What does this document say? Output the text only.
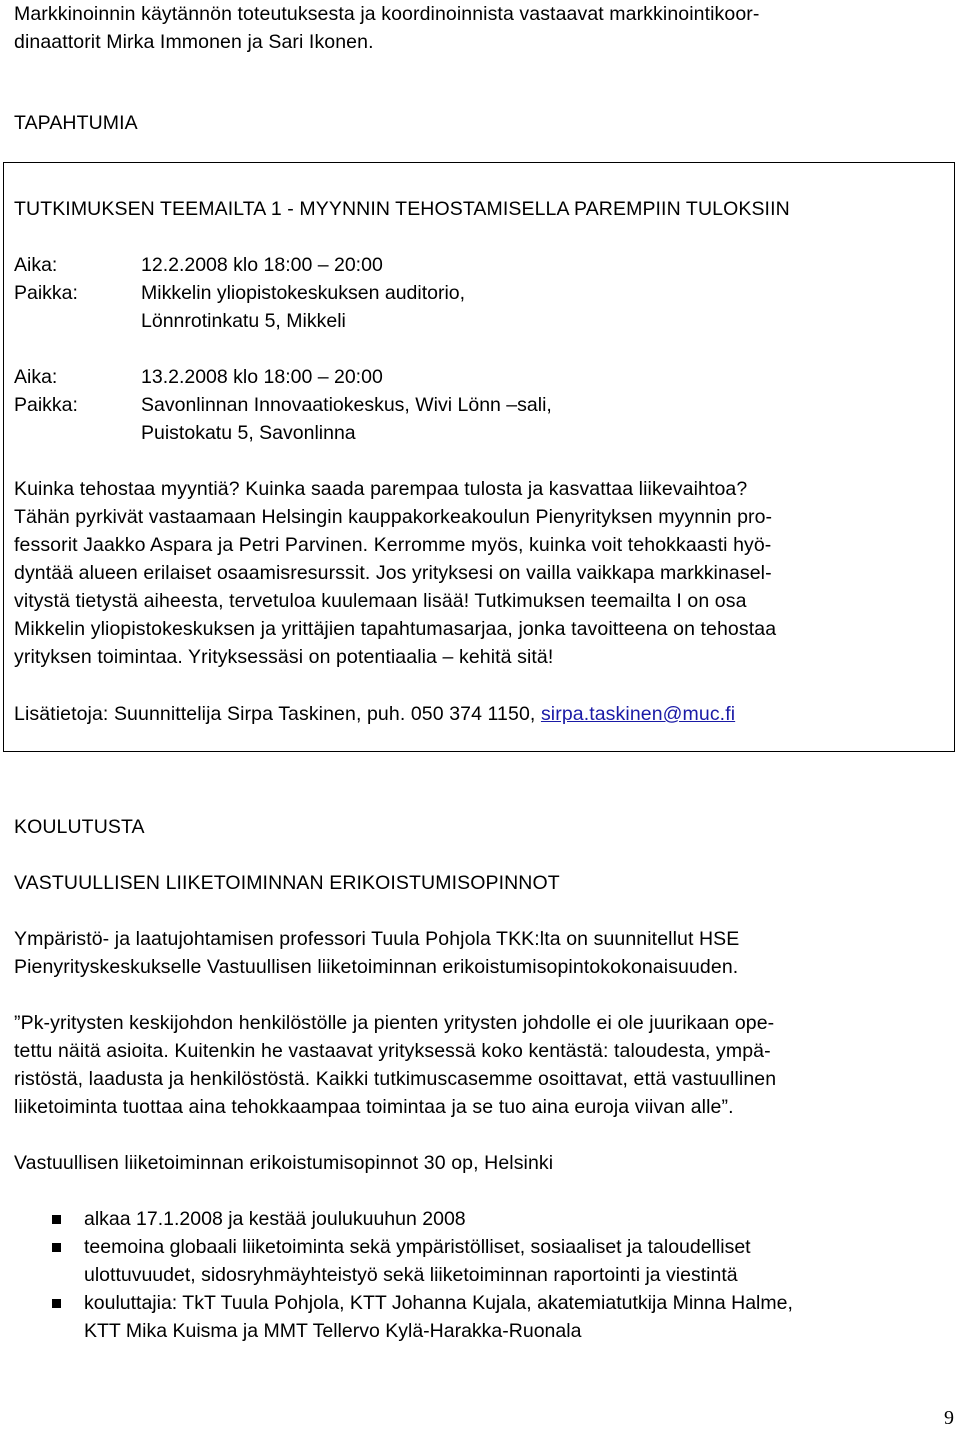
Markkinoinnin käytännön toteutuksesta ja koordinoinnista vastaavat markkinointikoor-
dinaattorit Mirka Immonen ja Sari Ikonen.
TAPAHTUMIA
TUTKIMUKSEN TEEMAILTA 1 - MYYNNIN TEHOSTAMISELLA PAREMPIIN TULOKSIIN
Aika:	12.2.2008 klo 18:00 – 20:00
Paikka:	Mikkelin yliopistokeskuksen auditorio,
Lönnrotinkatu 5, Mikkeli
Aika:	13.2.2008 klo 18:00 – 20:00
Paikka:	Savonlinnan Innovaatiokeskus, Wivi Lönn –sali,
Puistokatu 5, Savonlinna
Kuinka tehostaa myyntiä? Kuinka saada parempaa tulosta ja kasvattaa liikevaihtoa?
Tähän pyrkivät vastaamaan Helsingin kauppakorkeakoulun Pienyrityksen myynnin pro-
fessorit Jaakko Aspara ja Petri Parvinen. Kerromme myös, kuinka voit tehokkaasti hyö-
dyntää alueen erilaiset osaamisresurssit. Jos yrityksesi on vailla vaikkapa markkinasel-
vitystä tietystä aiheesta, tervetuloa kuulemaan lisää! Tutkimuksen teemailta I on osa
Mikkelin yliopistokeskuksen ja yrittäjien tapahtumasarjaa, jonka tavoitteena on tehostaa
yrityksen toimintaa. Yrityksessäsi on potentiaalia – kehitä sitä!
Lisätietoja: Suunnittelija Sirpa Taskinen, puh. 050 374 1150, sirpa.taskinen@muc.fi
KOULUTUSTA
VASTUULLISEN LIIKETOIMINNAN ERIKOISTUMISOPINNOT
Ympäristö- ja laatujohtamisen professori Tuula Pohjola TKK:lta on suunnitellut HSE
Pienyrityskeskukselle Vastuullisen liiketoiminnan erikoistumisopintokokonaisuuden.
”Pk-yritysten keskijohdon henkilöstölle ja pienten yritysten johdolle ei ole juurikaan ope-
tettu näitä asioita. Kuitenkin he vastaavat yrityksessä koko kentästä: taloudesta, ympä-
ristöstä, laadusta ja henkilöstöstä. Kaikki tutkimuscasemme osoittavat, että vastuullinen
liiketoiminta tuottaa aina tehokkaampaa toimintaa ja se tuo aina euroja viivan alle”.
Vastuullisen liiketoiminnan erikoistumisopinnot 30 op, Helsinki
alkaa 17.1.2008 ja kestää joulukuuhun 2008
teemoina globaali liiketoiminta sekä ympäristölliset, sosiaaliset ja taloudelliset
ulottuvuudet, sidosryhmäyhteistyö sekä liiketoiminnan raportointi ja viestintä
kouluttajia: TkT Tuula Pohjola, KTT Johanna Kujala, akatemiatutkija Minna Halme,
KTT Mika Kuisma ja MMT Tellervo Kylä-Harakka-Ruonala
9
